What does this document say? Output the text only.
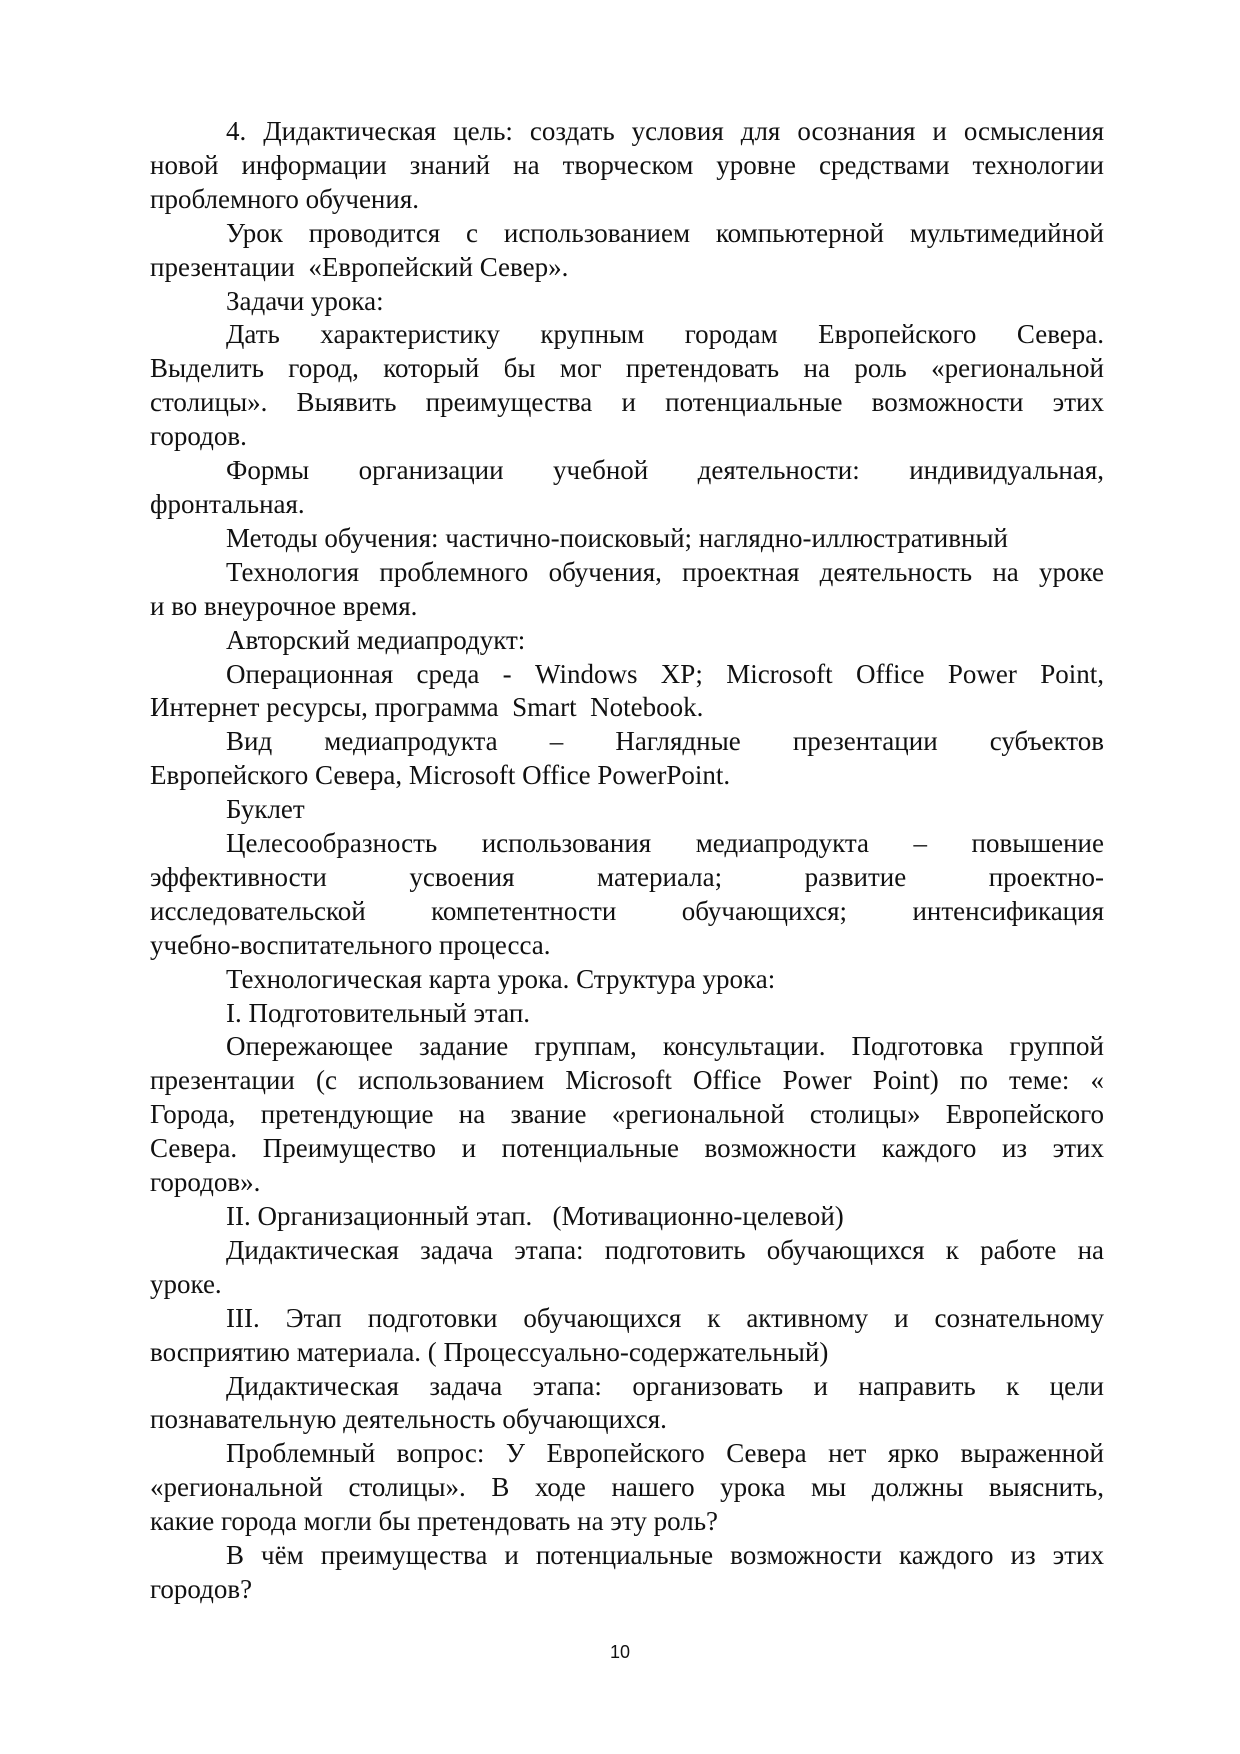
4. Дидактическая цель: создать условия для осознания и осмысления
новой информации знаний на творческом уровне средствами технологии
проблемного обучения.
Урок проводится с использованием компьютерной мультимедийной
презентации  «Европейский Север».
Задачи урока:
Дать характеристику крупным городам Европейского Севера.
Выделить город, который бы мог претендовать на роль «региональной
столицы». Выявить преимущества и потенциальные возможности этих
городов.
Формы организации учебной деятельности: индивидуальная,
фронтальная.
Методы обучения: частично-поисковый; наглядно-иллюстративный
Технология проблемного обучения, проектная деятельность на уроке
и во внеурочное время.
Авторский медиапродукт:
Операционная среда - Windows XP; Microsoft Office Power Point,
Интернет ресурсы, программа  Smart  Notebook.
Вид медиапродукта – Наглядные презентации субъектов
Европейского Севера, Microsoft Office PowerPoint.
Буклет
Целесообразность использования медиапродукта – повышение
эффективности усвоения материала; развитие проектно-
исследовательской компетентности обучающихся; интенсификация
учебно-воспитательного процесса.
Технологическая карта урока. Структура урока:
I. Подготовительный этап.
Опережающее задание группам, консультации. Подготовка группой
презентации (с использованием Microsoft Office Power Point) по теме: «
Города, претендующие на звание «региональной столицы» Европейского
Севера. Преимущество и потенциальные возможности каждого из этих
городов».
II. Организационный этап.   (Мотивационно-целевой)
Дидактическая задача этапа: подготовить обучающихся к работе на
уроке.
III. Этап подготовки обучающихся к активному и сознательному
восприятию материала. ( Процессуально-содержательный)
Дидактическая задача этапа: организовать и направить к цели
познавательную деятельность обучающихся.
Проблемный вопрос: У Европейского Севера нет ярко выраженной
«региональной столицы». В ходе нашего урока мы должны выяснить,
какие города могли бы претендовать на эту роль?
В чём преимущества и потенциальные возможности каждого из этих
городов?
10
